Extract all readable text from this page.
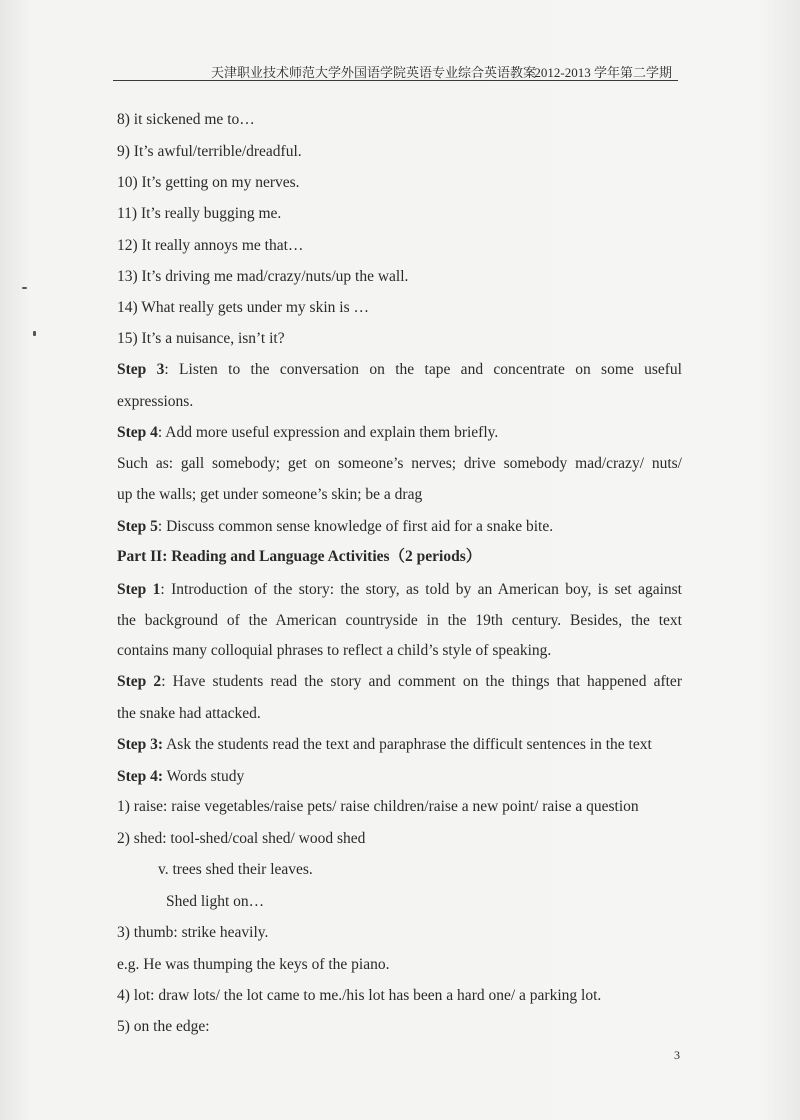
天津职业技术师范大学外国语学院英语专业综合英语教案
2012-2013 学年第二学期
8) it sickened me to…
9) It’s awful/terrible/dreadful.
10) It’s getting on my nerves.
11) It’s really bugging me.
12) It really annoys me that…
13) It’s driving me mad/crazy/nuts/up the wall.
14) What really gets under my skin is …
15) It’s a nuisance, isn’t it?
Step 3: Listen to the conversation on the tape and concentrate on some useful
expressions.
Step 4: Add more useful expression and explain them briefly.
Such as: gall somebody; get on someone’s nerves; drive somebody mad/crazy/ nuts/
up the walls; get under someone’s skin; be a drag
Step 5: Discuss common sense knowledge of first aid for a snake bite.
Part II: Reading and Language Activities（2 periods）
Step 1: Introduction of the story: the story, as told by an American boy, is set against
the background of the American countryside in the 19th century. Besides, the text
contains many colloquial phrases to reflect a child’s style of speaking.
Step 2: Have students read the story and comment on the things that happened after
the snake had attacked.
Step 3: Ask the students read the text and paraphrase the difficult sentences in the text
Step 4: Words study
1) raise: raise vegetables/raise pets/ raise children/raise a new point/ raise a question
2) shed: tool-shed/coal shed/ wood shed
v. trees shed their leaves.
Shed light on…
3) thumb: strike heavily.
e.g. He was thumping the keys of the piano.
4) lot: draw lots/ the lot came to me./his lot has been a hard one/ a parking lot.
5) on the edge:
3
